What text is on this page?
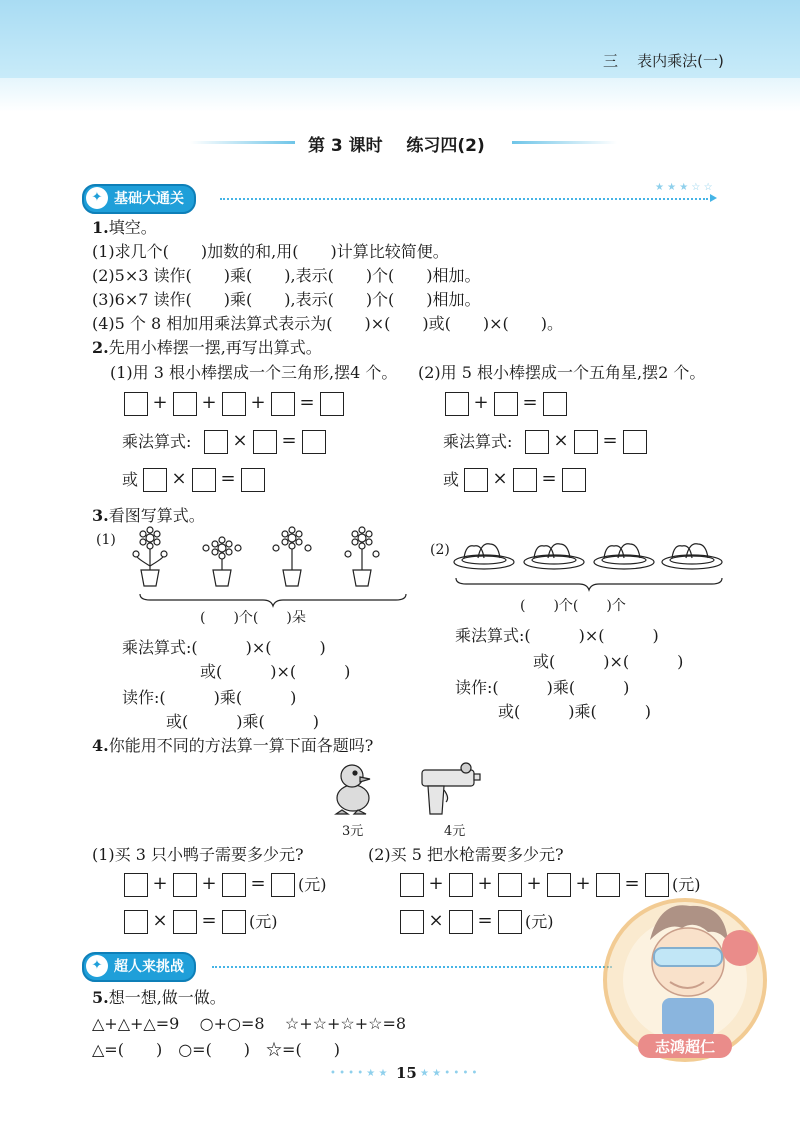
三 表内乘法(一)
第 3 课时 练习四(2)
✦ 基础大通关
★ ★ ★ ☆ ☆
1.填空。
(1)求几个(　　)加数的和,用(　　)计算比较简便。
(2)5×3 读作(　　)乘(　　),表示(　　)个(　　)相加。
(3)6×7 读作(　　)乘(　　),表示(　　)个(　　)相加。
(4)5 个 8 相加用乘法算式表示为(　　)×(　　)或(　　)×(　　)。
2.先用小棒摆一摆,再写出算式。
(1)用 3 根小棒摆成一个三角形,摆4 个。 (2)用 5 根小棒摆成一个五角星,摆2 个。
+ + + =
乘法算式: × =
或 × =
+ =
乘法算式: × =
或 × =
3.看图写算式。
(1)
(2)
(　　)个(　　)朵
(　　)个(　　)个
乘法算式:(　　　)×(　　　)
或(　　　)×(　　　)
读作:(　　　)乘(　　　)
或(　　　)乘(　　　)
乘法算式:(　　　)×(　　　)
或(　　　)×(　　　)
读作:(　　　)乘(　　　)
或(　　　)乘(　　　)
4.你能用不同的方法算一算下面各题吗?
3元	4元
(1)买 3 只小鸭子需要多少元?	(2)买 5 把水枪需要多少元?
+ + = (元)
× = (元)
+ + + + = (元)
× = (元)
✦ 超人来挑战
5.想一想,做一做。
△+△+△=9 ○+○=8 ☆+☆+☆+☆=8
△=(　　)　○=(　　)　☆=(　　)	志鸿超仁
• • • • ★ ★ 15 ★ ★ • • • •
